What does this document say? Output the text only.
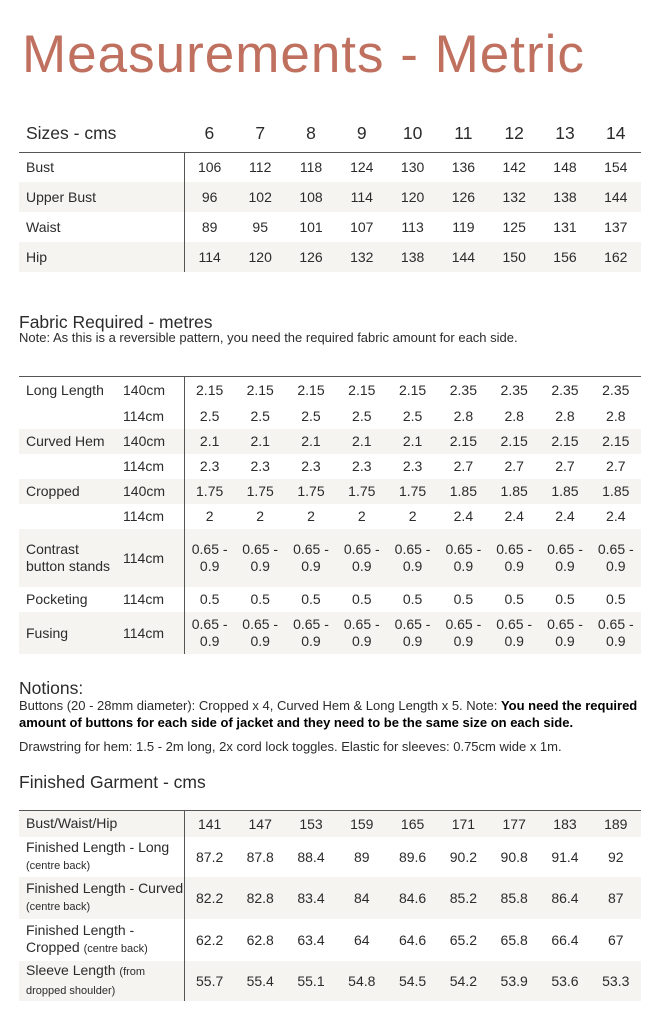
Measurements - Metric
Sizes - cms	6	7	8	9	10	11	12	13	14
Bust	106	112	118	124	130	136	142	148	154
Upper Bust	96	102	108	114	120	126	132	138	144
Waist	89	95	101	107	113	119	125	131	137
Hip	114	120	126	132	138	144	150	156	162
Fabric Required - metres

Note: As this is a reversible pattern, you need the required fabric amount for each side.

Long Length	140cm	2.15	2.15	2.15	2.15	2.15	2.35	2.35	2.35	2.35
	114cm	2.5	2.5	2.5	2.5	2.5	2.8	2.8	2.8	2.8
Curved Hem	140cm	2.1	2.1	2.1	2.1	2.1	2.15	2.15	2.15	2.15
	114cm	2.3	2.3	2.3	2.3	2.3	2.7	2.7	2.7	2.7
Cropped	140cm	1.75	1.75	1.75	1.75	1.75	1.85	1.85	1.85	1.85
	114cm	2	2	2	2	2	2.4	2.4	2.4	2.4
Contrast button stands	114cm	0.65 - 0.9	0.65 - 0.9	0.65 - 0.9	0.65 - 0.9	0.65 - 0.9	0.65 - 0.9	0.65 - 0.9	0.65 - 0.9	0.65 - 0.9
Pocketing	114cm	0.5	0.5	0.5	0.5	0.5	0.5	0.5	0.5	0.5
Fusing	114cm	0.65 - 0.9	0.65 - 0.9	0.65 - 0.9	0.65 - 0.9	0.65 - 0.9	0.65 - 0.9	0.65 - 0.9	0.65 - 0.9	0.65 - 0.9
Notions:

Buttons (20 - 28mm diameter): Cropped x 4, Curved Hem & Long Length x 5. Note: You need the required amount of buttons for each side of jacket and they need to be the same size on each side.

Drawstring for hem: 1.5 - 2m long, 2x cord lock toggles. Elastic for sleeves: 0.75cm wide x 1m.

Finished Garment - cms
Bust/Waist/Hip	141	147	153	159	165	171	177	183	189
Finished Length - Long (centre back)	87.2	87.8	88.4	89	89.6	90.2	90.8	91.4	92
Finished Length - Curved (centre back)	82.2	82.8	83.4	84	84.6	85.2	85.8	86.4	87
Finished Length - Cropped (centre back)	62.2	62.8	63.4	64	64.6	65.2	65.8	66.4	67
Sleeve Length (from dropped shoulder)	55.7	55.4	55.1	54.8	54.5	54.2	53.9	53.6	53.3
